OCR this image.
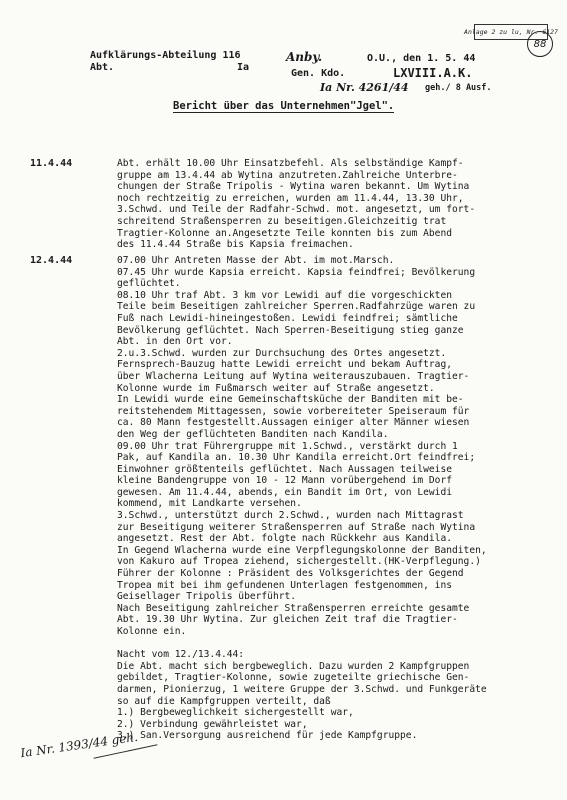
Anlage 2 zu lu, Nr. 6127
88
Aufklärungs-Abteilung 116
Abt.	Ia
Anby.	O.U., den 1. 5. 44
Gen. Kdo.	LXVIII.A.K.
Ia Nr. 4261/44 geh./ 8 Ausf.
Bericht über das Unternehmen"Jgel".
11.4.44	Abt. erhält 10.00 Uhr Einsatzbefehl. Als selbständige Kampf-
gruppe am 13.4.44 ab Wytina anzutreten.Zahlreiche Unterbre-
chungen der Straße Tripolis - Wytina waren bekannt. Um Wytina
noch rechtzeitig zu erreichen, wurden am 11.4.44, 13.30 Uhr,
3.Schwd. und Teile der Radfahr-Schwd. mot. angesetzt, um fort-
schreitend Straßensperren zu beseitigen.Gleichzeitig trat
Tragtier-Kolonne an.Angesetzte Teile konnten bis zum Abend
des 11.4.44 Straße bis Kapsia freimachen.
12.4.44	07.00 Uhr Antreten Masse der Abt. im mot.Marsch.
07.45 Uhr wurde Kapsia erreicht. Kapsia feindfrei; Bevölkerung
geflüchtet.
08.10 Uhr traf Abt. 3 km vor Lewidi auf die vorgeschickten
Teile beim Beseitigen zahlreicher Sperren.Radfahrzüge waren zu
Fuß nach Lewidi-hineingestoßen. Lewidi feindfrei; sämtliche
Bevölkerung geflüchtet. Nach Sperren-Beseitigung stieg ganze
Abt. in den Ort vor.
2.u.3.Schwd. wurden zur Durchsuchung des Ortes angesetzt.
Fernsprech-Bauzug hatte Lewidi erreicht und bekam Auftrag,
über Wlacherna Leitung auf Wytina weiterauszubauen. Tragtier-
Kolonne wurde im Fußmarsch weiter auf Straße angesetzt.
In Lewidi wurde eine Gemeinschaftsküche der Banditen mit be-
reitstehendem Mittagessen, sowie vorbereiteter Speiseraum für
ca. 80 Mann festgestellt.Aussagen einiger alter Männer wiesen
den Weg der geflüchteten Banditen nach Kandila.
09.00 Uhr trat Führergruppe mit 1.Schwd., verstärkt durch 1
Pak, auf Kandila an. 10.30 Uhr Kandila erreicht.Ort feindfrei;
Einwohner größtenteils geflüchtet. Nach Aussagen teilweise
kleine Bandengruppe von 10 - 12 Mann vorübergehend im Dorf
gewesen. Am 11.4.44, abends, ein Bandit im Ort, von Lewidi
kommend, mit Landkarte versehen.
3.Schwd., unterstützt durch 2.Schwd., wurden nach Mittagrast
zur Beseitigung weiterer Straßensperren auf Straße nach Wytina
angesetzt. Rest der Abt. folgte nach Rückkehr aus Kandila.
In Gegend Wlacherna wurde eine Verpflegungskolonne der Banditen,
von Kakuro auf Tropea ziehend, sichergestellt.(HK-Verpflegung.)
Führer der Kolonne : Präsident des Volksgerichtes der Gegend
Tropea mit bei ihm gefundenen Unterlagen festgenommen, ins
Geisellager Tripolis überführt.
Nach Beseitigung zahlreicher Straßensperren erreichte gesamte
Abt. 19.30 Uhr Wytina. Zur gleichen Zeit traf die Tragtier-
Kolonne ein.

Nacht vom 12./13.4.44:
Die Abt. macht sich bergbeweglich. Dazu wurden 2 Kampfgruppen
gebildet, Tragtier-Kolonne, sowie zugeteilte griechische Gen-
darmen, Pionierzug, 1 weitere Gruppe der 3.Schwd. und Funkgeräte
so auf die Kampfgruppen verteilt, daß
1.) Bergbeweglichkeit sichergestellt war,
2.) Verbindung gewährleistet war,
3.) San.Versorgung ausreichend für jede Kampfgruppe.
Ia Nr. 1393/44 geh.
